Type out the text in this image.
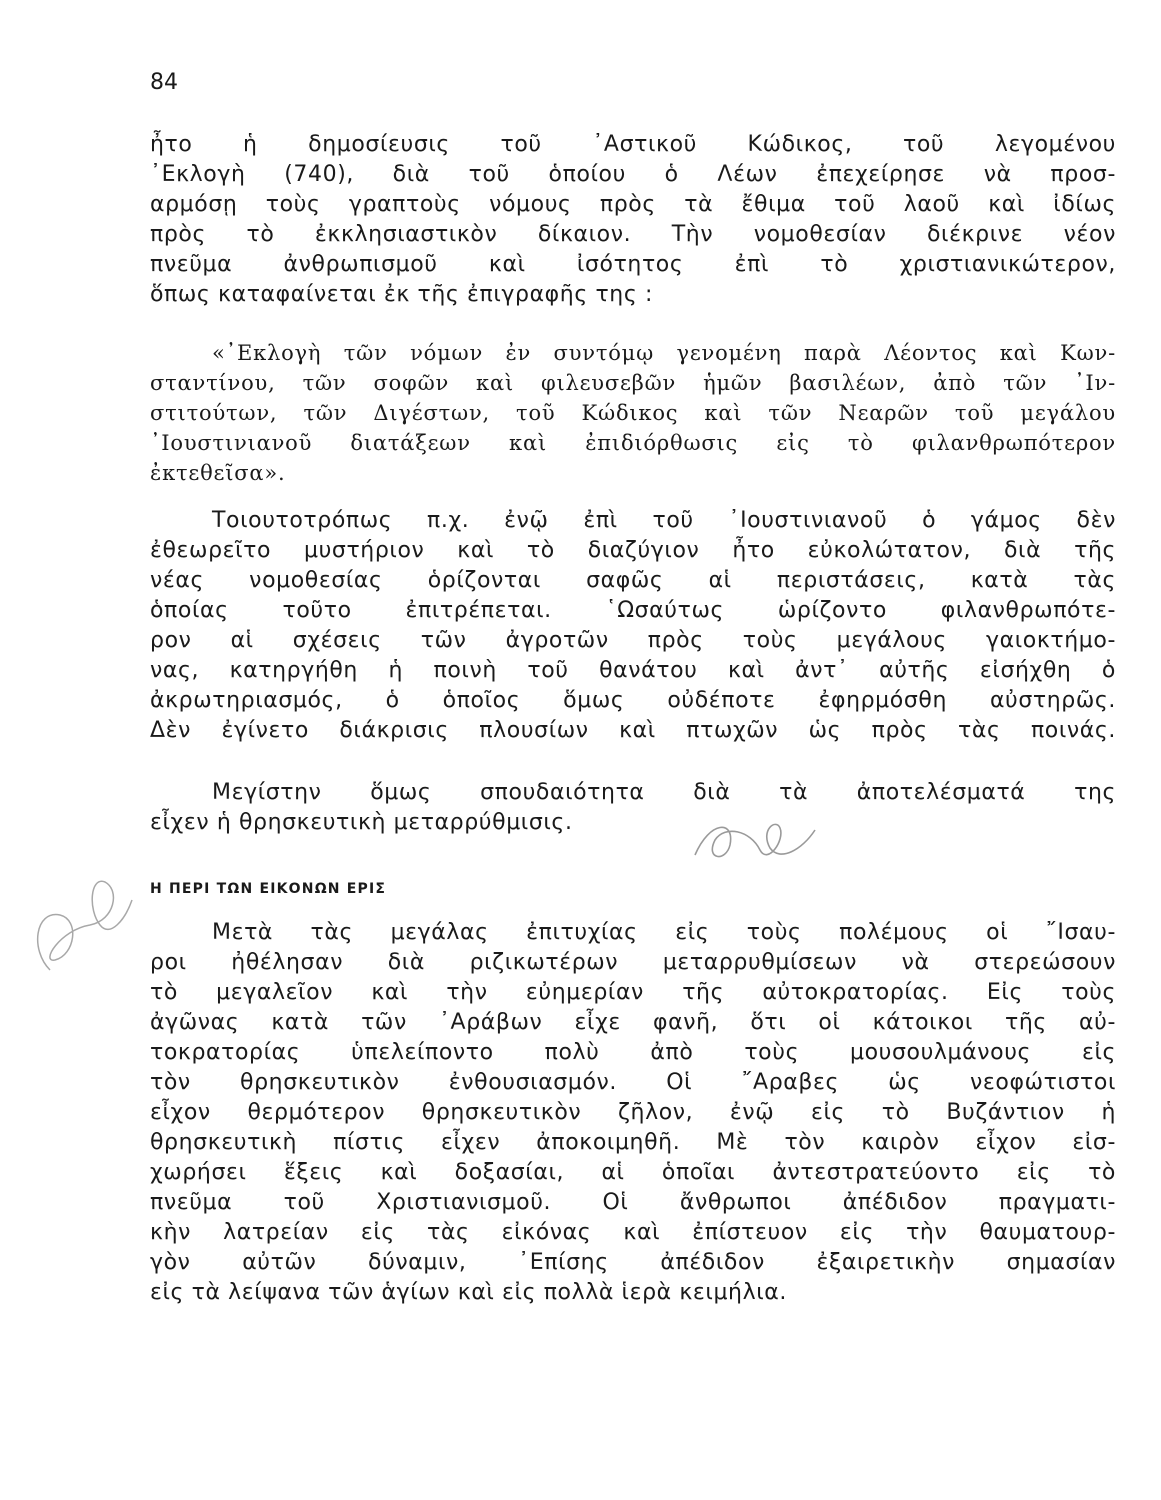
84
ἦτο ἡ δημοσίευσις τοῦ ᾿Αστικοῦ Κώδικος, τοῦ λεγομένου
᾿Εκλογὴ (740), διὰ τοῦ ὁποίου ὁ Λέων ἐπεχείρησε νὰ προσ-
αρμόσῃ τοὺς γραπτοὺς νόμους πρὸς τὰ ἔθιμα τοῦ λαοῦ καὶ ἰδίως
πρὸς τὸ ἐκκλησιαστικὸν δίκαιον. Τὴν νομοθεσίαν διέκρινε νέον
πνεῦμα ἀνθρωπισμοῦ καὶ ἰσότητος ἐπὶ τὸ χριστιανικώτερον,
ὅπως καταφαίνεται ἐκ τῆς ἐπιγραφῆς της :
«᾿Εκλογὴ τῶν νόμων ἐν συντόμῳ γενομένη παρὰ Λέοντος καὶ Κων-
σταντίνου, τῶν σοφῶν καὶ φιλευσεβῶν ἡμῶν βασιλέων, ἀπὸ τῶν ᾿Ιν-
στιτούτων, τῶν Διγέστων, τοῦ Κώδικος καὶ τῶν Νεαρῶν τοῦ μεγάλου
᾿Ιουστινιανοῦ διατάξεων καὶ ἐπιδιόρθωσις εἰς τὸ φιλανθρωπότερον
ἐκτεθεῖσα».
Τοιουτοτρόπως π.χ. ἐνῷ ἐπὶ τοῦ ᾿Ιουστινιανοῦ ὁ γάμος δὲν
ἐθεωρεῖτο μυστήριον καὶ τὸ διαζύγιον ἦτο εὐκολώτατον, διὰ τῆς
νέας νομοθεσίας ὁρίζονται σαφῶς αἱ περιστάσεις, κατὰ τὰς
ὁποίας τοῦτο ἐπιτρέπεται. ῾Ωσαύτως ὡρίζοντο φιλανθρωπότε-
ρον αἱ σχέσεις τῶν ἀγροτῶν πρὸς τοὺς μεγάλους γαιοκτήμο-
νας, κατηργήθη ἡ ποινὴ τοῦ θανάτου καὶ ἀντ᾿ αὐτῆς εἰσήχθη ὁ
ἀκρωτηριασμός, ὁ ὁποῖος ὅμως οὐδέποτε ἐφηρμόσθη αὐστηρῶς.
Δὲν ἐγίνετο διάκρισις πλουσίων καὶ πτωχῶν ὡς πρὸς τὰς ποινάς.
Μεγίστην ὅμως σπουδαιότητα διὰ τὰ ἀποτελέσματά της
εἶχεν ἡ θρησκευτικὴ μεταρρύθμισις.
Η ΠΕΡΙ ΤΩΝ ΕΙΚΟΝΩΝ ΕΡΙΣ
Μετὰ τὰς μεγάλας ἐπιτυχίας εἰς τοὺς πολέμους οἱ ῎Ισαυ-
ροι ἠθέλησαν διὰ ριζικωτέρων μεταρρυθμίσεων νὰ στερεώσουν
τὸ μεγαλεῖον καὶ τὴν εὐημερίαν τῆς αὐτοκρατορίας. Εἰς τοὺς
ἀγῶνας κατὰ τῶν ᾿Αράβων εἶχε φανῆ, ὅτι οἱ κάτοικοι τῆς αὐ-
τοκρατορίας ὑπελείποντο πολὺ ἀπὸ τοὺς μουσουλμάνους εἰς
τὸν θρησκευτικὸν ἐνθουσιασμόν. Οἱ ῎Αραβες ὡς νεοφώτιστοι
εἶχον θερμότερον θρησκευτικὸν ζῆλον, ἐνῷ εἰς τὸ Βυζάντιον ἡ
θρησκευτικὴ πίστις εἶχεν ἀποκοιμηθῆ. Μὲ τὸν καιρὸν εἶχον εἰσ-
χωρήσει ἕξεις καὶ δοξασίαι, αἱ ὁποῖαι ἀντεστρατεύοντο εἰς τὸ
πνεῦμα τοῦ Χριστιανισμοῦ. Οἱ ἄνθρωποι ἀπέδιδον πραγματι-
κὴν λατρείαν εἰς τὰς εἰκόνας καὶ ἐπίστευον εἰς τὴν θαυματουρ-
γὸν αὐτῶν δύναμιν, ᾿Επίσης ἀπέδιδον ἐξαιρετικὴν σημασίαν
εἰς τὰ λείψανα τῶν ἁγίων καὶ εἰς πολλὰ ἱερὰ κειμήλια.
